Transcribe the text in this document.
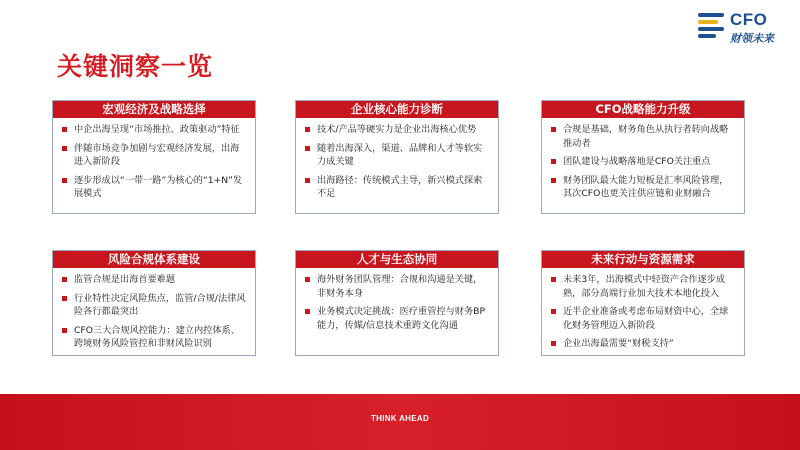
关键洞察一览
CFO
财领未来
宏观经济及战略选择
中企出海呈现“市场推拉、政策驱动”特征
伴随市场竞争加剧与宏观经济发展，出海进入新阶段
逐步形成以“一带一路”为核心的“1+N”发展模式
企业核心能力诊断
技术/产品等硬实力是企业出海核心优势
随着出海深入，渠道、品牌和人才等软实力成关键
出海路径：传统模式主导，新兴模式探索不足
CFO战略能力升级
合规是基础，财务角色从执行者转向战略推动者
团队建设与战略落地是CFO关注重点
财务团队最大能力短板是汇率风险管理，其次CFO也更关注供应链和业财融合
风险合规体系建设
监管合规是出海首要难题
行业特性决定风险焦点，监管/合规/法律风险各行都最突出
CFO三大合规风控能力：建立内控体系、跨境财务风险管控和非财风险识别
人才与生态协同
海外财务团队管理：合规和沟通是关键，非财务本身
业务模式决定挑战：医疗重管控与财务BP能力，传媒/信息技术重跨文化沟通
未来行动与资源需求
未来3年，出海模式中轻资产合作逐步成熟，部分高端行业加大技术本地化投入
近半企业准备或考虑布局财资中心，全球化财务管理迈入新阶段
企业出海最需要“财税支持”
THINK AHEAD
